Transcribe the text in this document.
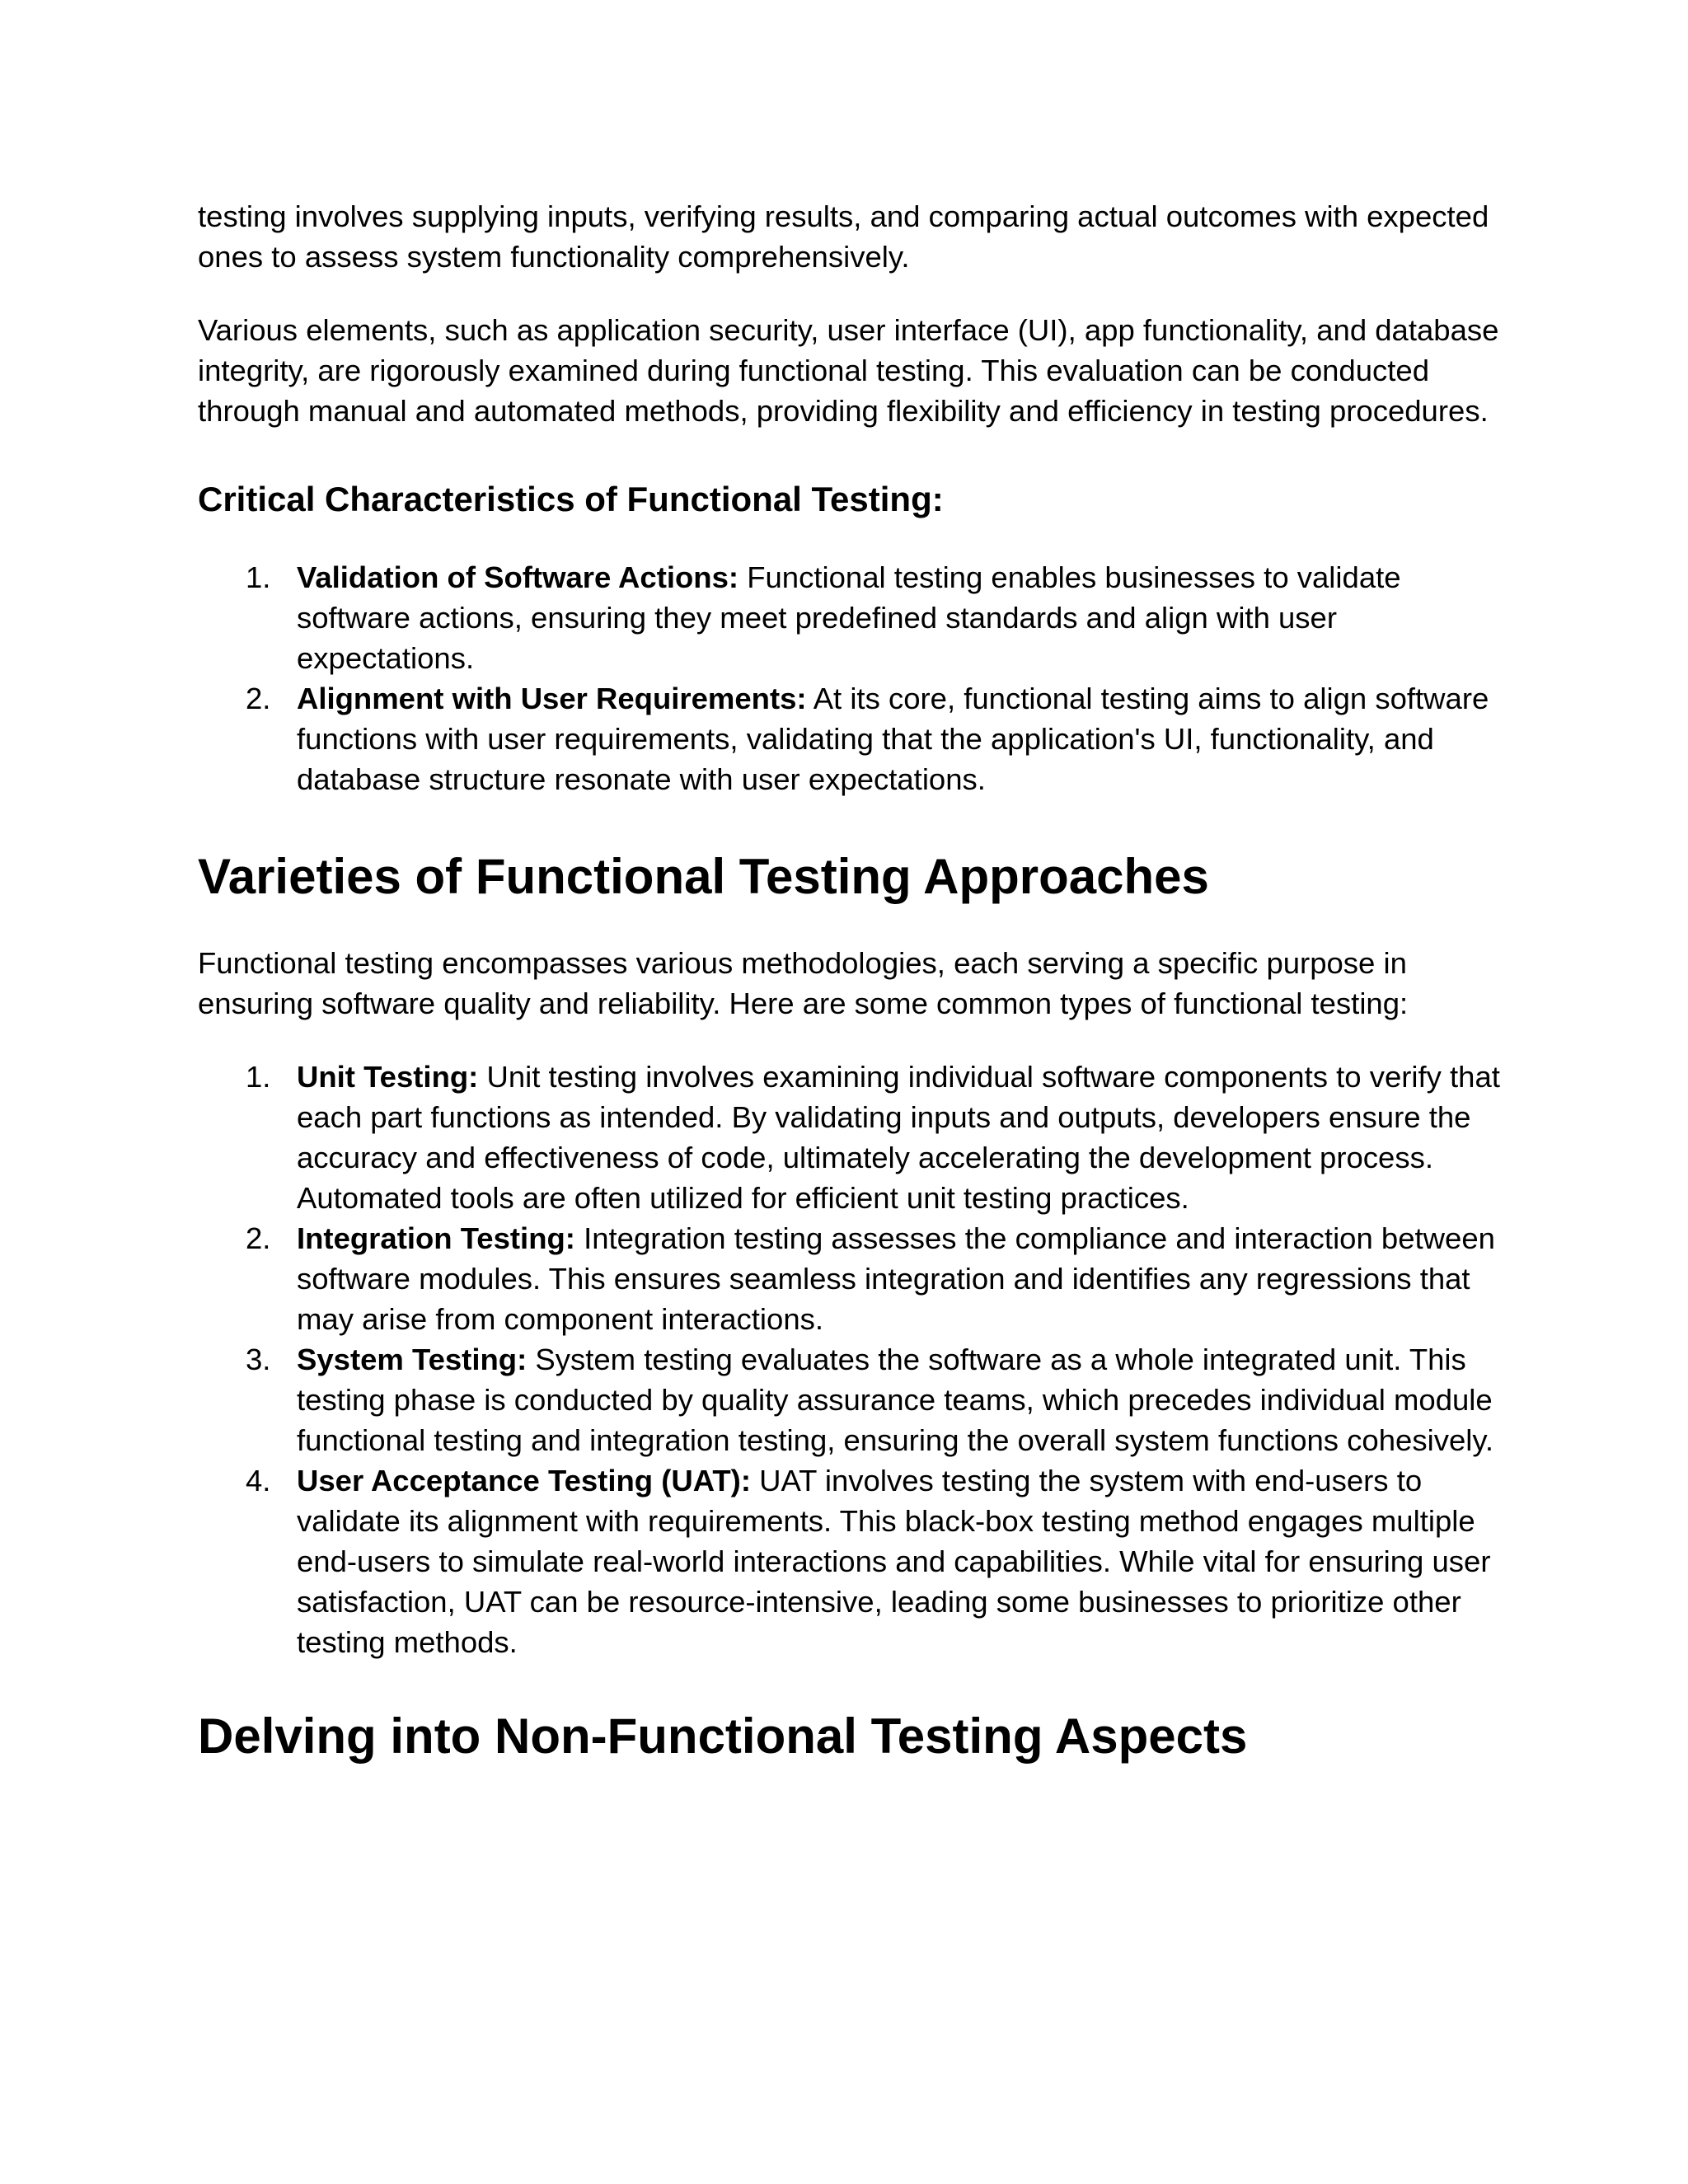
testing involves supplying inputs, verifying results, and comparing actual outcomes with expected ones to assess system functionality comprehensively.

Various elements, such as application security, user interface (UI), app functionality, and database integrity, are rigorously examined during functional testing. This evaluation can be conducted through manual and automated methods, providing flexibility and efficiency in testing procedures.

Critical Characteristics of Functional Testing:
1. Validation of Software Actions: Functional testing enables businesses to validate software actions, ensuring they meet predefined standards and align with user expectations.
2. Alignment with User Requirements: At its core, functional testing aims to align software functions with user requirements, validating that the application's UI, functionality, and database structure resonate with user expectations.
Varieties of Functional Testing Approaches

Functional testing encompasses various methodologies, each serving a specific purpose in ensuring software quality and reliability. Here are some common types of functional testing:

1. Unit Testing: Unit testing involves examining individual software components to verify that each part functions as intended. By validating inputs and outputs, developers ensure the accuracy and effectiveness of code, ultimately accelerating the development process. Automated tools are often utilized for efficient unit testing practices.
2. Integration Testing: Integration testing assesses the compliance and interaction between software modules. This ensures seamless integration and identifies any regressions that may arise from component interactions.
3. System Testing: System testing evaluates the software as a whole integrated unit. This testing phase is conducted by quality assurance teams, which precedes individual module functional testing and integration testing, ensuring the overall system functions cohesively.
4. User Acceptance Testing (UAT): UAT involves testing the system with end-users to validate its alignment with requirements. This black-box testing method engages multiple end-users to simulate real-world interactions and capabilities. While vital for ensuring user satisfaction, UAT can be resource-intensive, leading some businesses to prioritize other testing methods.
Delving into Non-Functional Testing Aspects
